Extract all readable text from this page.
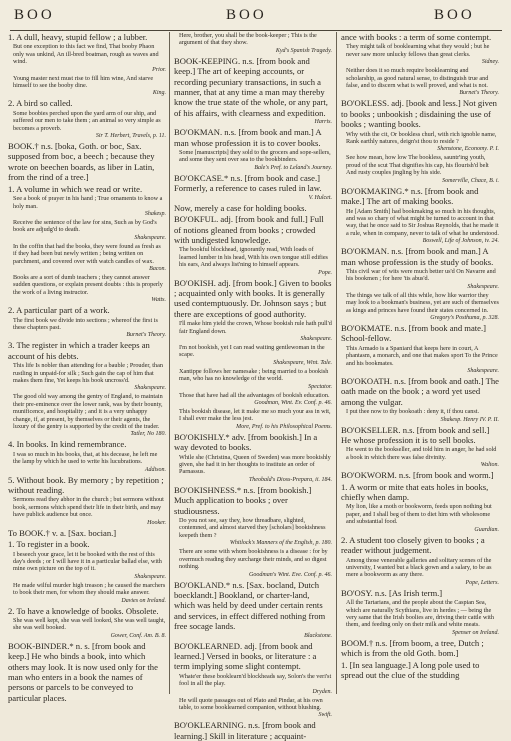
BOO	BOO	BOO
1. A dull, heavy, stupid fellow ; a lubber.
But one exception to this fact we find, That booby Phaon only was unkind, An ill-bred boatman, rough as waves and wind.
Prior.
Young master next must rise to fill him wine, And starve himself to see the booby dine.
King.
2. A bird so called.
Some boobies perched upon the yard arm of our ship, and suffered our men to take them ; an animal so very simple as becomes a proverb.
Sir T. Herbert, Travels, p. 11.
BOOK.† n.s. [boka, Goth. or boc, Sax. supposed from boc, a beech ; because they wrote on beechen boards, as liber in Latin, from the rind of a tree.]
1. A volume in which we read or write.
See a book of prayer in his hand ; True ornaments to know a holy man.
Shakesp.
Receive the sentence of the law for sins, Such as by God's book are adjudg'd to death.
Shakespeare.
In the coffin that had the books, they were found as fresh as if they had been but newly written ; being written on parchment, and covered over with watch candles of wax.
Bacon.
Books are a sort of dumb teachers ; they cannot answer sudden questions, or explain present doubts : this is properly the work of a living instructor.
Watts.
2. A particular part of a work.
The first book we divide into sections ; whereof the first is these chapters past.
Burnet's Theory.
3. The register in which a trader keeps an account of his debts.
This life Is nobler than attending for a bauble ; Prouder, than rustling in unpaid-for silk ; Such gain the cap of him that makes them fine, Yet keeps his book uncross'd.
Shakespeare.
The good old way among the gentry of England, to maintain their pre-eminence over the lower rank, was by their bounty, munificence, and hospitality ; and it is a very unhappy change, if, at present, by themselves or their agents, the luxury of the gentry is supported by the credit of the trader.
Tatler, No 180.
4. In books. In kind remembrance.
I was so much in his books, that, at his decease, he left me the lamp by which he used to write his lucubrations.
Addison.
5. Without book. By memory ; by repetition ; without reading.
Sermons read they abhor in the church ; but sermons without book, sermons which spend their life in their birth, and may have publick audience but once.
Hooker.
To BOOK.† v. a. [Sax. bocian.]
1. To register in a book.
I beseech your grace, let it be booked with the rest of this day's deeds ; or I will have it in a particular ballad else, with mine own picture on the top of it.
Shakespeare.
He made wilful murder high treason ; he caused the marchers to book their men, for whom they should make answer.
Davies on Ireland.
2. To have a knowledge of books. Obsolete.
She was well kept, she was well looked, She was well taught, she was well booked.
Gower, Conf. Am. B. 8.
BOOK-BINDER.* n. s. [from book and keep.] He who binds a book, into which others may look. It is now used only for the man who enters in a book the names of persons or parcels to be conveyed to particular places.
Here, brother, you shall be the book-keeper ; This is the argument of that they show.
Kyd's Spanish Tragedy.
BOOK-KEEPING. n.s. [from book and keep.] The art of keeping accounts, or recording pecuniary transactions, in such a manner, that at any time a man may thereby know the true state of the whole, or any part, of his affairs, with clearness and expedition.
Harris.
BO'OKMAN. n.s. [from book and man.] A man whose profession it is to cover books.
Some [manuscripts] they sold to the grocers and sope-sellers, and some they sent over sea to the bookbinders.
Bale's Pref. to Leland's Journey.
BO'OKCASE.* n.s. [from book and case.] Formerly, a reference to cases ruled in law.
V. Hulcet.
Now, merely a case for holding books.
BO'OKFUL. adj. [from book and full.] Full of notions gleaned from books ; crowded with undigested knowledge.
The bookful blockhead, ignorantly read, With loads of learned lumber in his head, With his own tongue still edifies his ears, And always list'ning to himself appears.
Pope.
BO'OKISH. adj. [from book.] Given to books ; acquainted only with books. It is generally used contemptuously. Dr. Johnson says ; but there are exceptions of good authority.
I'll make him yield the crown, Whose bookish rule hath pull'd fair England down.
Shakespeare.
I'm not bookish, yet I can read waiting gentlewoman in the scape.
Shakespeare, Wint. Tale.
Xantippe follows her namesake ; being married to a bookish man, who has no knowledge of the world.
Spectator.
Those that have had all the advantages of bookish education.
Goodman, Wint. Ev. Conf. p. 46.
This bookish disease, let it make me so much your ass in wit, I shall ever make the less jest.
More, Pref. to his Philosophical Poems.
BO'OKISHLY.* adv. [from bookish.] In a way devoted to books.
While she (Christina, Queen of Sweden) was more bookishly given, she had it in her thoughts to institute an order of Parnassus.
Theobald's Dioss-Prepara, ii. 184.
BO'OKISHNESS.* n.s. [from bookish.] Much application to books ; over studiousness.
Do you not see, say they, how threadbare, slighted, contemned, and almost starved they [scholars] bookishness keepeth them ?
Whitlock's Manners of the English, p. 180.
There are some with whom bookishness is a disease : for by overmuch reading they surcharge their minds, and so digest nothing.
Goodman's Wint. Eve. Conf. p. 46.
BO'OKLAND.* n.s. [Sax. bocland, Dutch boecklandt.] Bookland, or charter-land, which was held by deed under certain rents and services, in effect differed nothing from free socage lands.
Blackstone.
BO'OKLEARNED. adj. [from book and learned.] Versed in books, or literature : a term implying some slight contempt.
Whate'er these booklearn'd blockheads say, Solon's the veri'st fool in all the play.
Dryden.
He will quote passages out of Plato and Pindar, at his own table, to some booklearned companion, without blushing.
Swift.
BO'OKLEARNING. n.s. [from book and learning.] Skill in literature ; acquaint-
ance with books : a term of some contempt.
They might talk of booklearning what they would ; but he never saw more unlucky fellows than great clerks.
Sidney.
Neither does it so much require booklearning and scholarship, as good natural sense, to distinguish true and false, and to discern what is well proved, and what is not.
Burnet's Theory.
BO'OKLESS. adj. [book and less.] Not given to books ; unbookish ; disdaining the use of books ; wanting books.
Why with the cit, Or bookless churl, with rich ignoble name, Rank earthly natures, deign'st thou to reside ?
Shenstone, Economy. P. I.
See how mean, how low The bookless, sauntr'ing youth, proud of the scut That dignifies his cap, his flourish'd belt And rusty couples jingling by his side.
Somerville, Chace, B. i.
BO'OKMAKING.* n.s. [from book and make.] The art of making books.
He [Adam Smith] had bookmaking so much in his thoughts, and was so chary of what might be turned to account in that way, that he once said to Sir Joshua Reynolds, that he made it a rule, when in company, never to talk of what he understood.
Boswell, Life of Johnson, iv. 24.
BO'OKMAN. n.s. [from book and man.] A man whose profession is the study of books.
This civil war of wits were much better us'd On Navarre and his bookmen ; for here 'tis abus'd.
Shakespeare.
The things we talk of all this while, how like warrior they may look to a bookman's business, yet are such of themselves as kings and princes have found their states concerned in.
Gregory's Posthuma, p. 328.
BO'OKMATE. n.s. [from book and mate.] School-fellow.
This Armado is a Spaniard that keeps here in court, A phantasm, a monarch, and one that makes sport To the Prince and his bookmates.
Shakespeare.
BO'OKOATH. n.s. [from book and oath.] The oath made on the book ; a word yet used among the vulgar.
I put thee now to thy bookoath : deny it, if thou canst.
Shakesp. Henry IV. P. II.
BO'OKSELLER. n.s. [from book and sell.] He whose profession it is to sell books.
He went to the bookseller, and told him in anger, he had sold a book in which there was false divinity.
Walton.
BO'OKWORM. n.s. [from book and worm.]
1. A worm or mite that eats holes in books, chiefly when damp.
My lion, like a moth or bookworm, feeds upon nothing but paper, and I shall beg of them to diet him with wholesome and substantial food.
Guardian.
2. A student too closely given to books ; a reader without judgement.
Among those venerable galleries and solitary scenes of the university, I wanted but a black gown and a salary, to be as mere a bookworm as any there.
Pope, Letters.
BO'OSY. n.s. [As Irish term.]
All the Tartarians, and the people about the Caspian Sea, which are naturally Scythians, live in herdes ; — being the very same that the Irish boolies are, driving their cattle with them, and feeding only on their milk and white meats.
Spenser on Ireland.
BOOM.† n.s. [from boom, a tree, Dutch ; which is from the old Goth. bom.]
1. [In sea language.] A long pole used to spread out the clue of the studding
